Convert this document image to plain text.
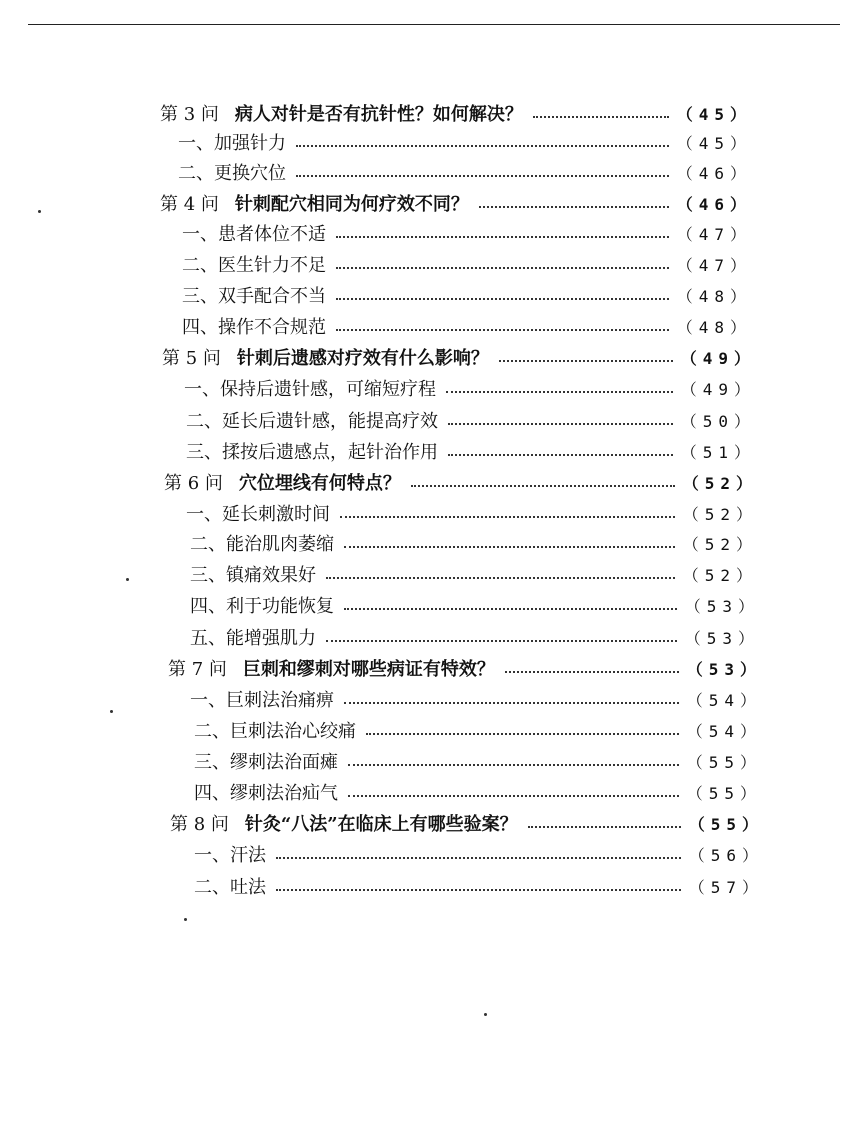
第 3 问 病人对针是否有抗针性？如何解决？	（45）
一、加强针力	（45）
二、更换穴位	（46）
第 4 问 针刺配穴相同为何疗效不同？	（46）
一、患者体位不适	（47）
二、医生针力不足	（47）
三、双手配合不当	（48）
四、操作不合规范	（48）
第 5 问 针刺后遗感对疗效有什么影响？	（49）
一、保持后遗针感，可缩短疗程	（49）
二、延长后遗针感，能提高疗效	（50）
三、揉按后遗感点，起针治作用	（51）
第 6 问 穴位埋线有何特点？	（52）
一、延长刺激时间	（52）
二、能治肌肉萎缩	（52）
三、镇痛效果好	（52）
四、利于功能恢复	（53）
五、能增强肌力	（53）
第 7 问 巨刺和缪刺对哪些病证有特效？	（53）
一、巨刺法治痛痹	（54）
二、巨刺法治心绞痛	（54）
三、缪刺法治面瘫	（55）
四、缪刺法治疝气	（55）
第 8 问 针灸“八法”在临床上有哪些验案？	（55）
一、汗法	（56）
二、吐法	（57）
